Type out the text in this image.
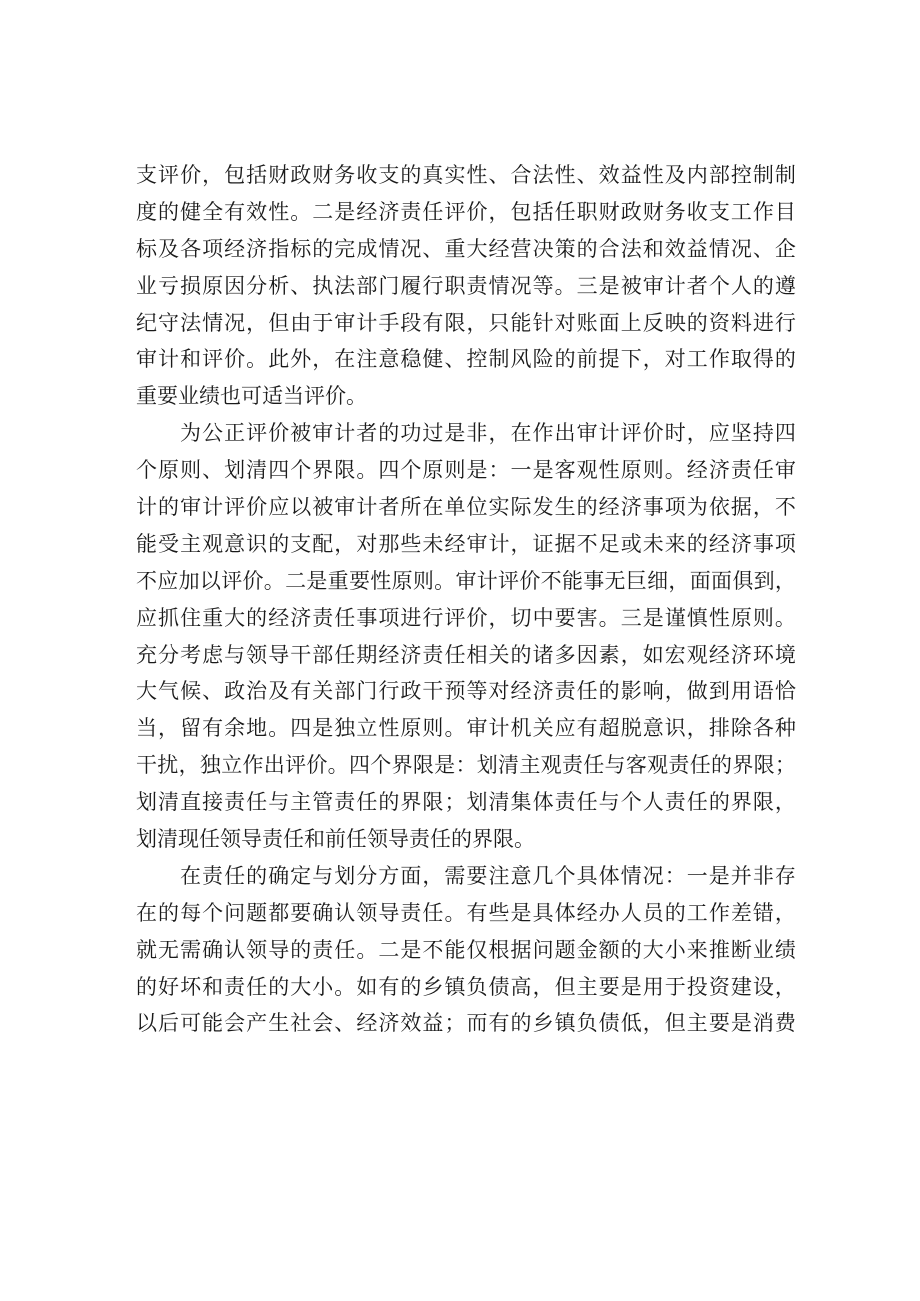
支 评 价 ， 包 括 财 政 财 务 收 支 的 真 实 性 、 合 法 性 、 效 益 性 及 内 部 控 制 制
度 的 健 全 有 效 性 。 二 是 经 济 责 任 评 价 ， 包 括 任 职 财 政 财 务 收 支 工 作 目
标 及 各 项 经 济 指 标 的 完 成 情 况 、 重 大 经 营 决 策 的 合 法 和 效 益 情 况 、 企
业 亏 损 原 因 分 析 、 执 法 部 门 履 行 职 责 情 况 等 。 三 是 被 审 计 者 个 人 的 遵
纪 守 法 情 况 ， 但 由 于 审 计 手 段 有 限 ， 只 能 针 对 账 面 上 反 映 的 资 料 进 行
审 计 和 评 价 。 此 外 ， 在 注 意 稳 健 、 控 制 风 险 的 前 提 下 ， 对 工 作 取 得 的
重要业绩也可适当评价。
为 公 正 评 价 被 审 计 者 的 功 过 是 非 ， 在 作 出 审 计 评 价 时 ， 应 坚 持 四
个 原 则 、 划 清 四 个 界 限 。 四 个 原 则 是 ： 一 是 客 观 性 原 则 。 经 济 责 任 审
计 的 审 计 评 价 应 以 被 审 计 者 所 在 单 位 实 际 发 生 的 经 济 事 项 为 依 据 ， 不
能 受 主 观 意 识 的 支 配 ， 对 那 些 未 经 审 计 ， 证 据 不 足 或 未 来 的 经 济 事 项
不 应 加 以 评 价 。 二 是 重 要 性 原 则 。 审 计 评 价 不 能 事 无 巨 细 ， 面 面 俱 到 ，
应 抓 住 重 大 的 经 济 责 任 事 项 进 行 评 价 ， 切 中 要 害 。 三 是 谨 慎 性 原 则 。
充 分 考 虑 与 领 导 干 部 任 期 经 济 责 任 相 关 的 诸 多 因 素 ， 如 宏 观 经 济 环 境
大 气 候 、 政 治 及 有 关 部 门 行 政 干 预 等 对 经 济 责 任 的 影 响 ， 做 到 用 语 恰
当 ， 留 有 余 地 。 四 是 独 立 性 原 则 。 审 计 机 关 应 有 超 脱 意 识 ， 排 除 各 种
干 扰 ， 独 立 作 出 评 价 。 四 个 界 限 是 ： 划 清 主 观 责 任 与 客 观 责 任 的 界 限 ；
划 清 直 接 责 任 与 主 管 责 任 的 界 限 ； 划 清 集 体 责 任 与 个 人 责 任 的 界 限 ，
划清现任领导责任和前任领导责任的界限。
在 责 任 的 确 定 与 划 分 方 面 ， 需 要 注 意 几 个 具 体 情 况 ： 一 是 并 非 存
在 的 每 个 问 题 都 要 确 认 领 导 责 任 。 有 些 是 具 体 经 办 人 员 的 工 作 差 错 ，
就 无 需 确 认 领 导 的 责 任 。 二 是 不 能 仅 根 据 问 题 金 额 的 大 小 来 推 断 业 绩
的 好 坏 和 责 任 的 大 小 。 如 有 的 乡 镇 负 债 高 ， 但 主 要 是 用 于 投 资 建 设 ，
以 后 可 能 会 产 生 社 会 、 经 济 效 益 ； 而 有 的 乡 镇 负 债 低 ， 但 主 要 是 消 费
